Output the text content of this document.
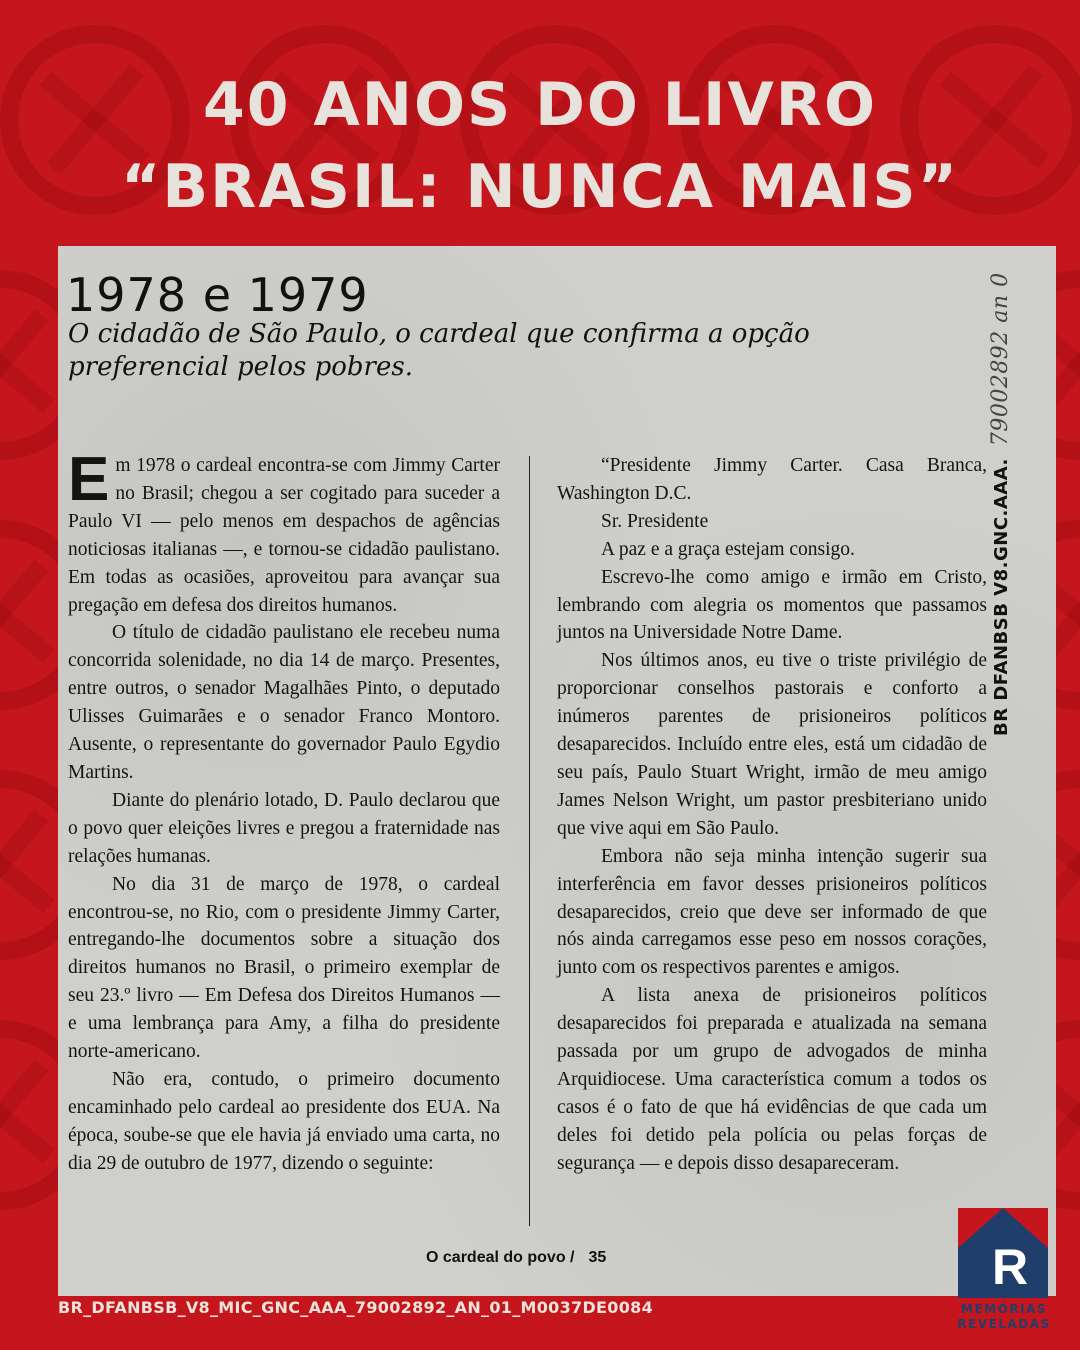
40 ANOS DO LIVRO
“BRASIL: NUNCA MAIS”
1978 e 1979
O cidadão de São Paulo, o cardeal que confirma a opção preferencial pelos pobres.

Em 1978 o cardeal encontra-se com Jimmy Carter no Brasil; chegou a ser cogitado para suceder a Paulo VI — pelo menos em despachos de agências noticiosas italianas —, e tornou-se cidadão paulistano. Em todas as ocasiões, aproveitou para avançar sua pregação em defesa dos direitos humanos.

O título de cidadão paulistano ele recebeu numa concorrida solenidade, no dia 14 de março. Presentes, entre outros, o senador Magalhães Pinto, o deputado Ulisses Guimarães e o senador Franco Montoro. Ausente, o representante do governador Paulo Egydio Martins.

Diante do plenário lotado, D. Paulo declarou que o povo quer eleições livres e pregou a fraternidade nas relações humanas.

No dia 31 de março de 1978, o cardeal encontrou-se, no Rio, com o presidente Jimmy Carter, entregando-lhe documentos sobre a situação dos direitos humanos no Brasil, o primeiro exemplar de seu 23.º livro — Em Defesa dos Direitos Humanos — e uma lembrança para Amy, a filha do presidente norte-americano.

Não era, contudo, o primeiro documento encaminhado pelo cardeal ao presidente dos EUA. Na época, soube-se que ele havia já enviado uma carta, no dia 29 de outubro de 1977, dizendo o seguinte:

“Presidente Jimmy Carter. Casa Branca, Washington D.C.

Sr. Presidente

A paz e a graça estejam consigo.

Escrevo-lhe como amigo e irmão em Cristo, lembrando com alegria os momentos que passamos juntos na Universidade Notre Dame.

Nos últimos anos, eu tive o triste privilégio de proporcionar conselhos pastorais e conforto a inúmeros parentes de prisioneiros políticos desaparecidos. Incluído entre eles, está um cidadão de seu país, Paulo Stuart Wright, irmão de meu amigo James Nelson Wright, um pastor presbiteriano unido que vive aqui em São Paulo.

Embora não seja minha intenção sugerir sua interferência em favor desses prisioneiros políticos desaparecidos, creio que deve ser informado de que nós ainda carregamos esse peso em nossos corações, junto com os respectivos parentes e amigos.

A lista anexa de prisioneiros políticos desaparecidos foi preparada e atualizada na semana passada por um grupo de advogados de minha Arquidiocese. Uma característica comum a todos os casos é o fato de que há evidências de que cada um deles foi detido pela polícia ou pelas forças de segurança — e depois disso desapareceram.

O cardeal do povo / 35
BR DFANBSB V8.GNC.AAA.79002892 an 0
BR_DFANBSB_V8_MIC_GNC_AAA_79002892_AN_01_M0037DE0084
R
MEMÓRIAS
REVELADAS
